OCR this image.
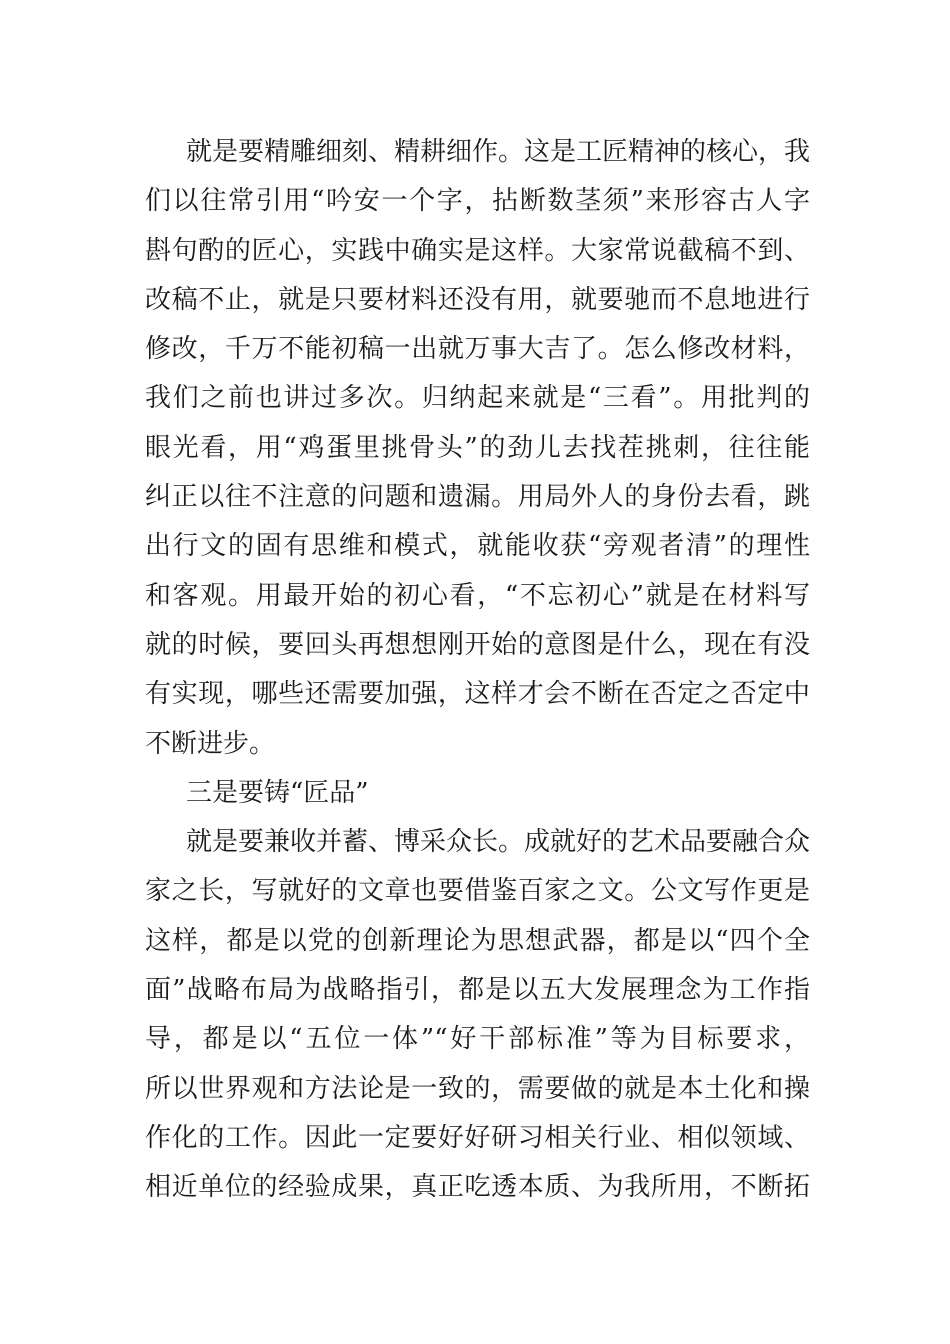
就是要精雕细刻、精耕细作。这是工匠精神的核心，我
们以往常引用“吟安一个字，拈断数茎须”来形容古人字
斟句酌的匠心，实践中确实是这样。大家常说截稿不到、
改稿不止，就是只要材料还没有用，就要驰而不息地进行
修改，千万不能初稿一出就万事大吉了。怎么修改材料，
我们之前也讲过多次。归纳起来就是“三看”。用批判的
眼光看，用“鸡蛋里挑骨头”的劲儿去找茬挑刺，往往能
纠正以往不注意的问题和遗漏。用局外人的身份去看，跳
出行文的固有思维和模式，就能收获“旁观者清”的理性
和客观。用最开始的初心看，“不忘初心”就是在材料写
就的时候，要回头再想想刚开始的意图是什么，现在有没
有实现，哪些还需要加强，这样才会不断在否定之否定中
不断进步。
三是要铸“匠品”
就是要兼收并蓄、博采众长。成就好的艺术品要融合众
家之长，写就好的文章也要借鉴百家之文。公文写作更是
这样，都是以党的创新理论为思想武器，都是以“四个全
面”战略布局为战略指引，都是以五大发展理念为工作指
导，都是以“五位一体”“好干部标准”等为目标要求，
所以世界观和方法论是一致的，需要做的就是本土化和操
作化的工作。因此一定要好好研习相关行业、相似领域、
相近单位的经验成果，真正吃透本质、为我所用，不断拓
